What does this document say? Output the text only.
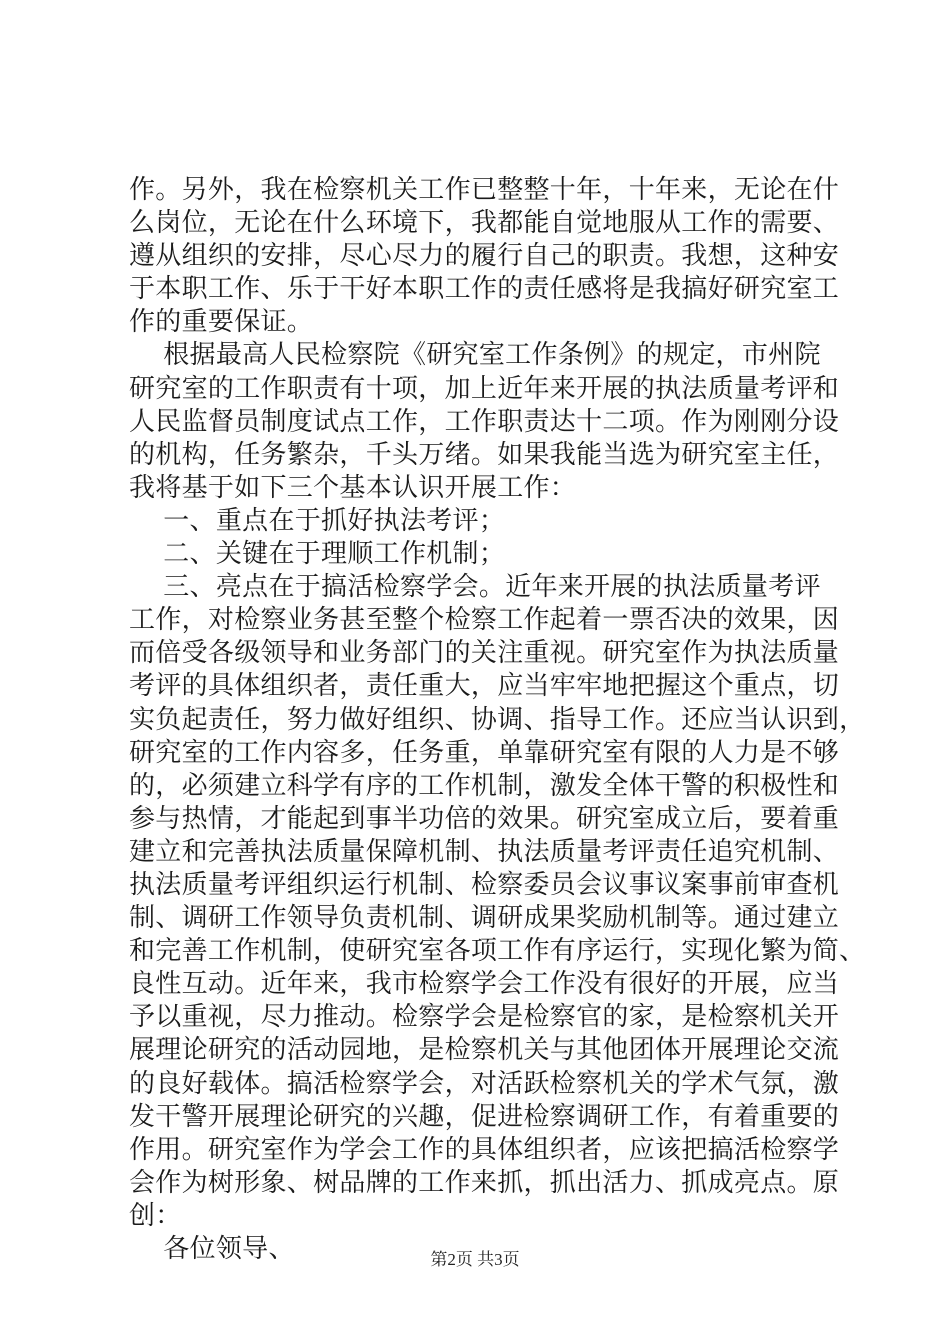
作。另外，我在检察机关工作已整整十年，十年来，无论在什
么岗位，无论在什么环境下，我都能自觉地服从工作的需要、
遵从组织的安排，尽心尽力的履行自己的职责。我想，这种安
于本职工作、乐于干好本职工作的责任感将是我搞好研究室工
作的重要保证。
根据最高人民检察院《研究室工作条例》的规定，市州院
研究室的工作职责有十项，加上近年来开展的执法质量考评和
人民监督员制度试点工作，工作职责达十二项。作为刚刚分设
的机构，任务繁杂，千头万绪。如果我能当选为研究室主任，
我将基于如下三个基本认识开展工作：
一、重点在于抓好执法考评；
二、关键在于理顺工作机制；
三、亮点在于搞活检察学会。近年来开展的执法质量考评
工作，对检察业务甚至整个检察工作起着一票否决的效果，因
而倍受各级领导和业务部门的关注重视。研究室作为执法质量
考评的具体组织者，责任重大，应当牢牢地把握这个重点，切
实负起责任，努力做好组织、协调、指导工作。还应当认识到，
研究室的工作内容多，任务重，单靠研究室有限的人力是不够
的，必须建立科学有序的工作机制，激发全体干警的积极性和
参与热情，才能起到事半功倍的效果。研究室成立后，要着重
建立和完善执法质量保障机制、执法质量考评责任追究机制、
执法质量考评组织运行机制、检察委员会议事议案事前审查机
制、调研工作领导负责机制、调研成果奖励机制等。通过建立
和完善工作机制，使研究室各项工作有序运行，实现化繁为简、
良性互动。近年来，我市检察学会工作没有很好的开展，应当
予以重视，尽力推动。检察学会是检察官的家，是检察机关开
展理论研究的活动园地，是检察机关与其他团体开展理论交流
的良好载体。搞活检察学会，对活跃检察机关的学术气氛，激
发干警开展理论研究的兴趣，促进检察调研工作，有着重要的
作用。研究室作为学会工作的具体组织者，应该把搞活检察学
会作为树形象、树品牌的工作来抓，抓出活力、抓成亮点。原
创：
各位领导、	第2页 共3页
